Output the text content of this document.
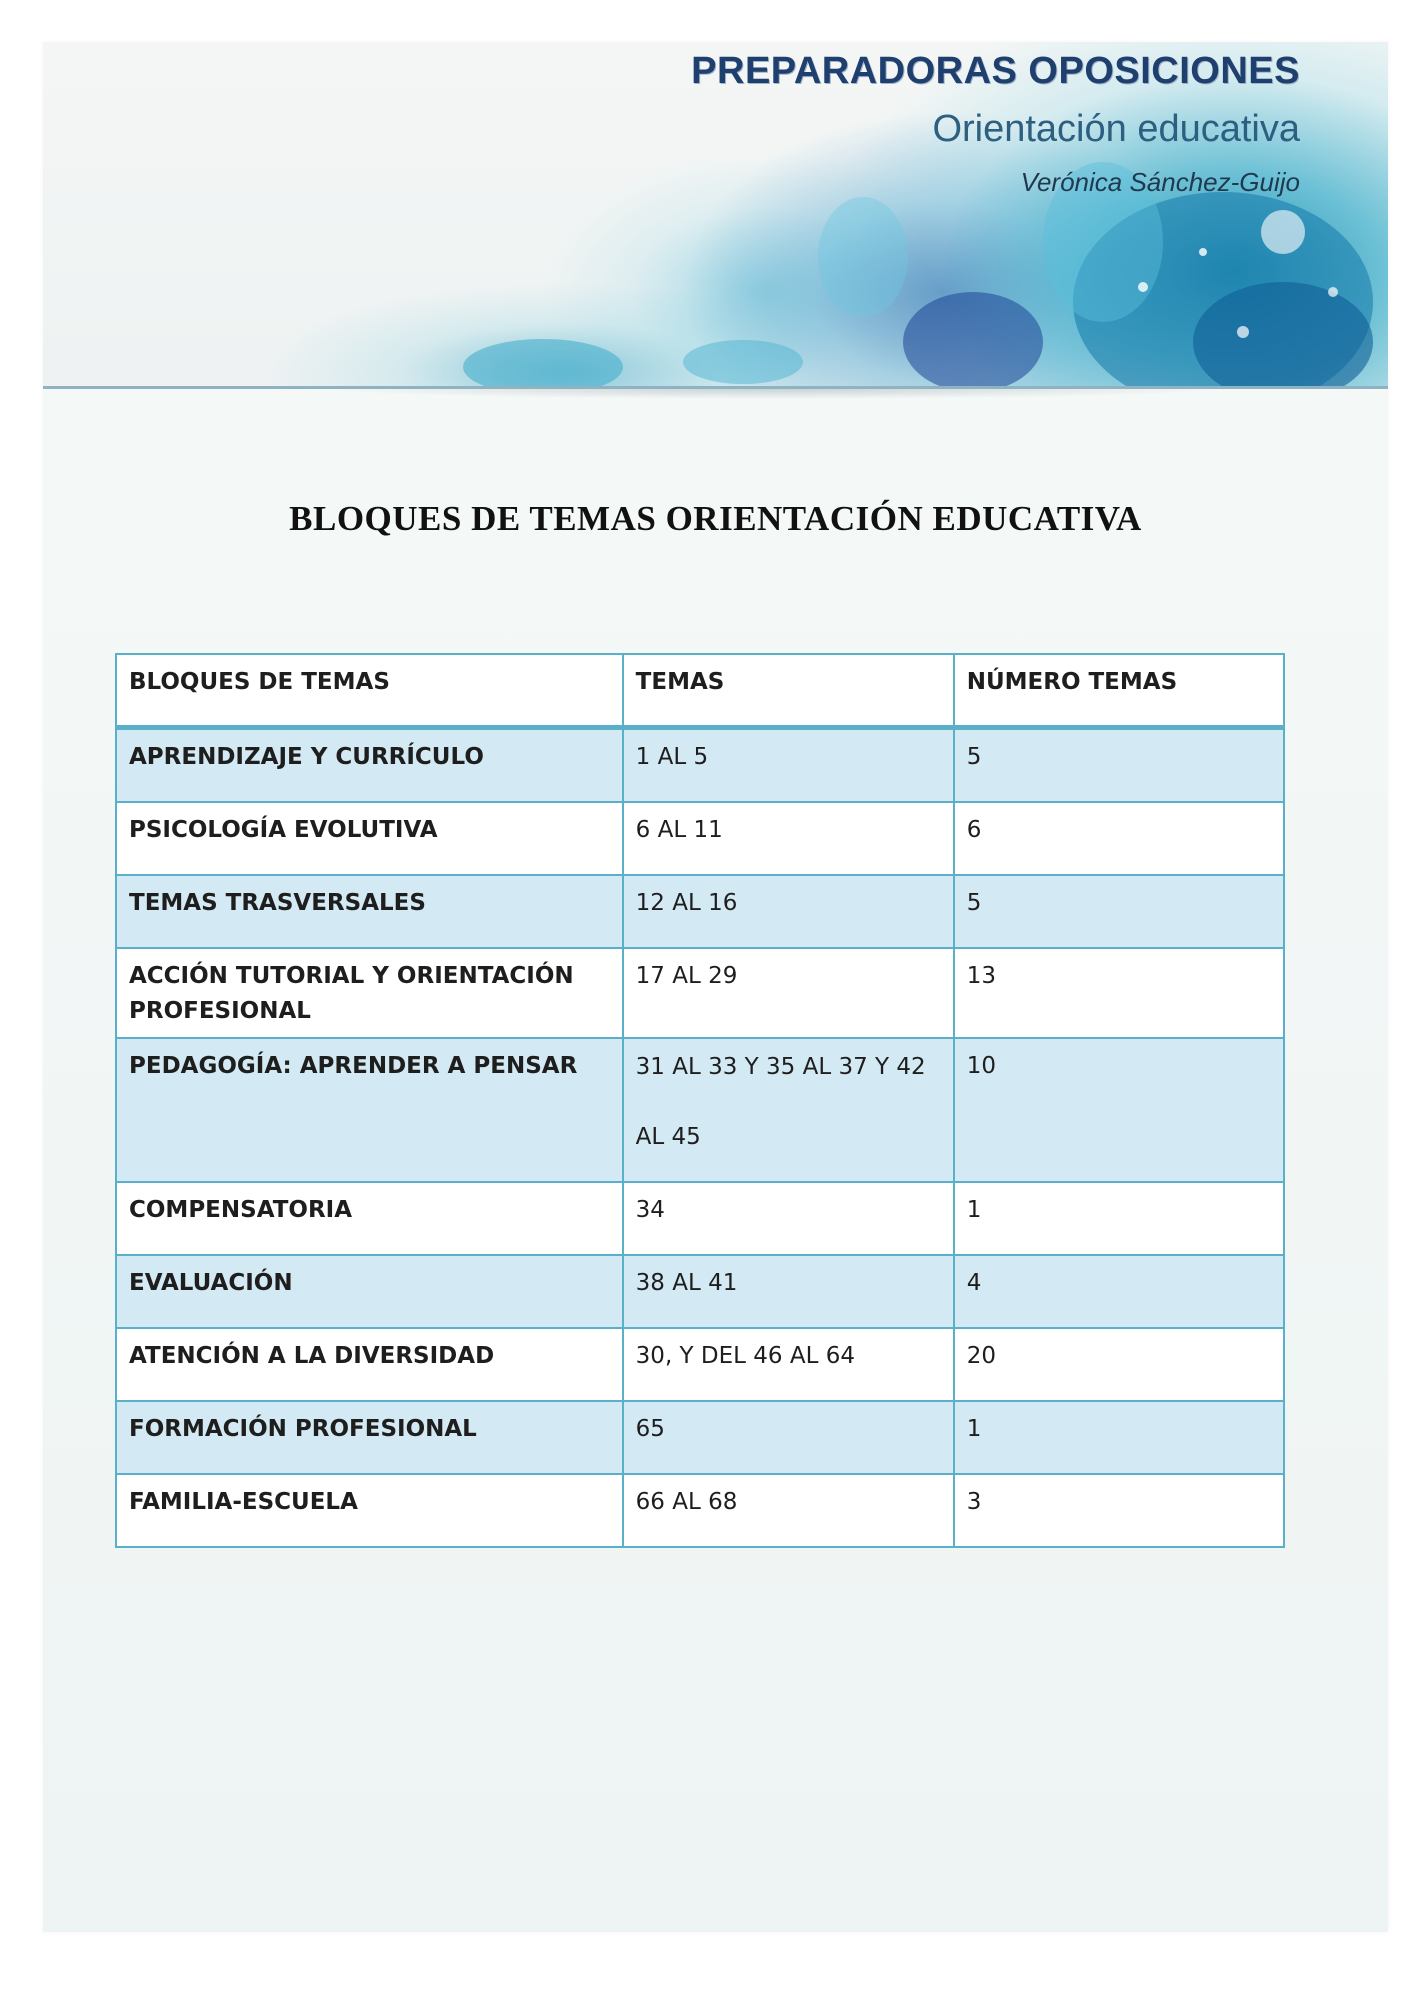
PREPARADORAS OPOSICIONES
Orientación educativa
Verónica Sánchez-Guijo
BLOQUES DE TEMAS ORIENTACIÓN EDUCATIVA
BLOQUES DE TEMAS	TEMAS	NÚMERO TEMAS
APRENDIZAJE Y CURRÍCULO	1 AL 5	5
PSICOLOGÍA EVOLUTIVA	6 AL 11	6
TEMAS TRASVERSALES	12 AL 16	5
ACCIÓN TUTORIAL Y ORIENTACIÓN PROFESIONAL	17 AL 29	13
PEDAGOGÍA: APRENDER A PENSAR	31 AL 33 Y 35 AL 37 Y 42 AL 45	10
COMPENSATORIA	34	1
EVALUACIÓN	38 AL 41	4
ATENCIÓN A LA DIVERSIDAD	30, Y DEL 46 AL 64	20
FORMACIÓN PROFESIONAL	65	1
FAMILIA-ESCUELA	66 AL 68	3
